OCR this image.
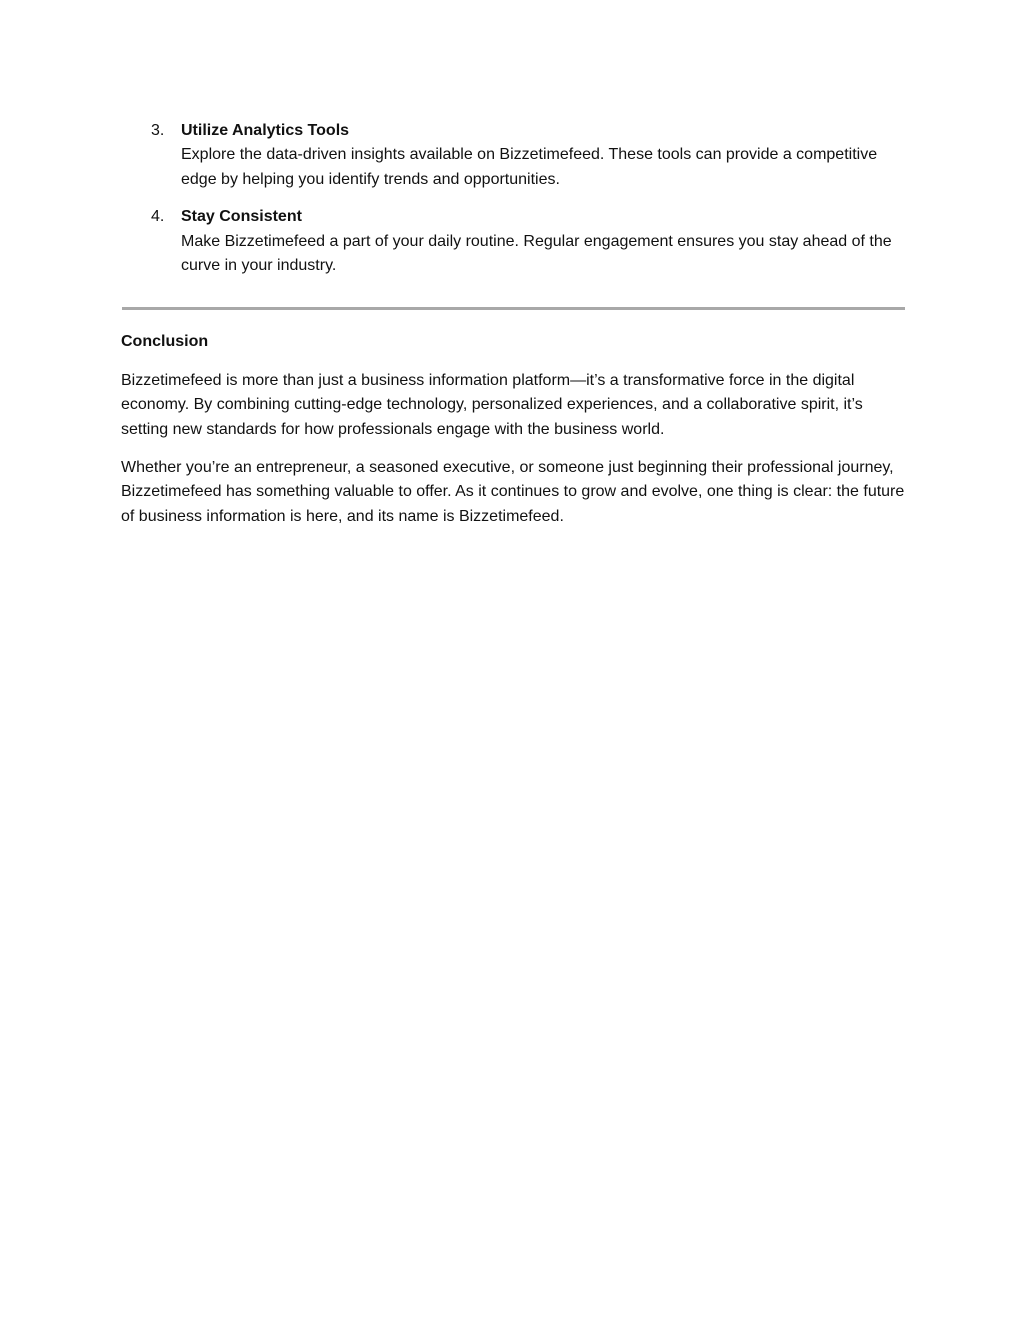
3.	Utilize Analytics Tools
Explore the data-driven insights available on Bizzetimefeed. These tools can provide a competitive edge by helping you identify trends and opportunities.
4.	Stay Consistent
Make Bizzetimefeed a part of your daily routine. Regular engagement ensures you stay ahead of the curve in your industry.
Conclusion

Bizzetimefeed is more than just a business information platform—it’s a transformative force in the digital economy. By combining cutting-edge technology, personalized experiences, and a collaborative spirit, it’s setting new standards for how professionals engage with the business world.

Whether you’re an entrepreneur, a seasoned executive, or someone just beginning their professional journey, Bizzetimefeed has something valuable to offer. As it continues to grow and evolve, one thing is clear: the future of business information is here, and its name is Bizzetimefeed.
